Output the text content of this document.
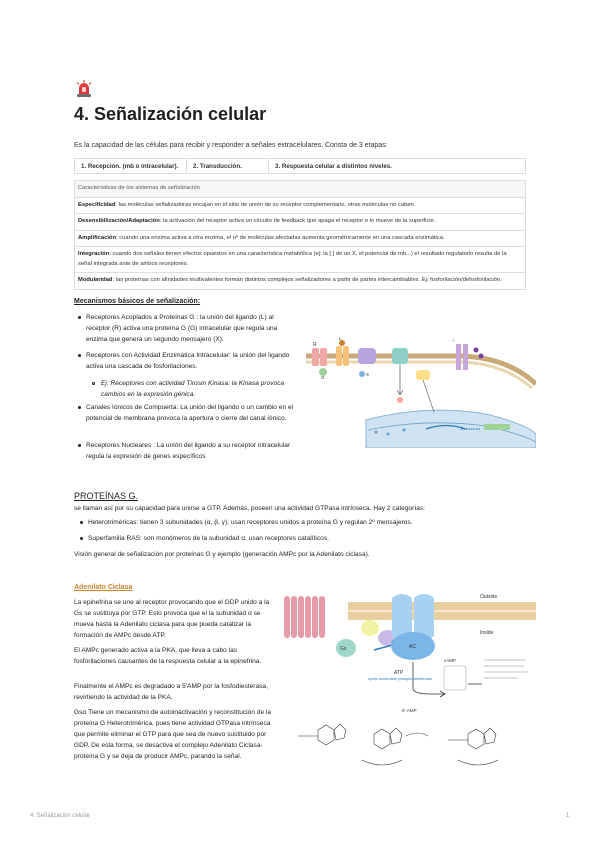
4. Señalización celular
Es la capacidad de las células para recibir y responder a señales extracelulares. Consta de 3 etapas:
1. Recepción. (mb o intracelular).	2. Transducción.	3. Respuesta celular a distintos niveles.
Características de los sistemas de señalización
Especificidad: las moléculas señalizadoras encajan en el sitio de unión de su receptor complementario, otras moléculas no caben.
Desensibilización/Adaptación: la activación del receptor activa un circuito de feedback que apaga el receptor o lo mueve de la superficie.
Amplificación: cuando una enzima activa a otra enzima, el nº de moléculas afectadas aumenta geométricamente en una cascada enzimática.
Integración: cuando dos señales tienen efectos opuestos en una característica metabólica (ej: la [ ] de un X, el potencial de mb...) el resultado regulatorio resulta de la señal integrada ante de ambos receptores.
Modularidad: las proteínas con afinidades multivalentes forman distintos complejos señalizadores a partir de partes intercambiables. Ej: fosforilación/defosforilación.
Mecanismos básicos de señalización:
Receptores Acoplados a Proteínas G : la unión del ligando (L) al receptor (R) activa una proteína G (G) intracelular que regula una enzima que genera un segundo mensajero (X).
Receptores con Actividad Enzimática Intracelular: la unión del ligando activa una cascada de fosforilaciones.
Ej: Receptores con actividad Tirosin Kinasa: la Kinasa provoca cambios en la expresión génica.
Canales Iónicos de Compuerta: La unión del ligando o un cambio en el potencial de membrana provoca la apertura o cierre del canal iónico.
Receptores Nucleares : La unión del ligando a su receptor intracelular regula la expresión de genes específicos
R
G
L
X
+
PROTEÍNAS G.
se llaman así por su capacidad para unirse a GTP. Además, poseen una actividad GTPasa intrínseca. Hay 2 categorías:
Heterotriméricas: tienen 3 subunidades (α, β, γ), usan receptores unidos a proteína G y regulan 2º mensajeros.
Superfamilia RAS: son monómeros de la subunidad α, usan receptores catalíticos.
Visión general de señalización por proteínas G y ejemplo (generación AMPc por la Adenilato ciclasa).
Adenilato Ciclasa
La epinefrina se une al receptor provocando que el GDP unido a la Gs se sustituya por GTP. Esto provoca que el la subunidad α se mueva hasta la Adenilato ciclasa para que pueda catalizar la formación de AMPc desde ATP.
El AMPc generado activa a la PKA, que lleva a cabo las fosforilaciones causantes de la respuesta celular a la epinefrina.
Finalmente el AMPc es degradado a 5'AMP por la fosfodiesterasa, revirtiendo la actividad de la PKA.
Gsα Tiene un mecanismo de autoinactivación y reconstitución de la proteína G Heterotrimérica, pues tiene actividad GTPasa intrínseca que permite eliminar el GTP para que sea de nuevo sustituido por GDP. De esta forma, se desactiva el complejo Adenilato Ciclasa-proteína G y se deja de producir AMPc, parando la señal.
Outside
Inside
Gs	AC
ATP
cAMP
cyclic nucleotide phosphodiesterase
5'-AMP
4. Señalización celular	1
